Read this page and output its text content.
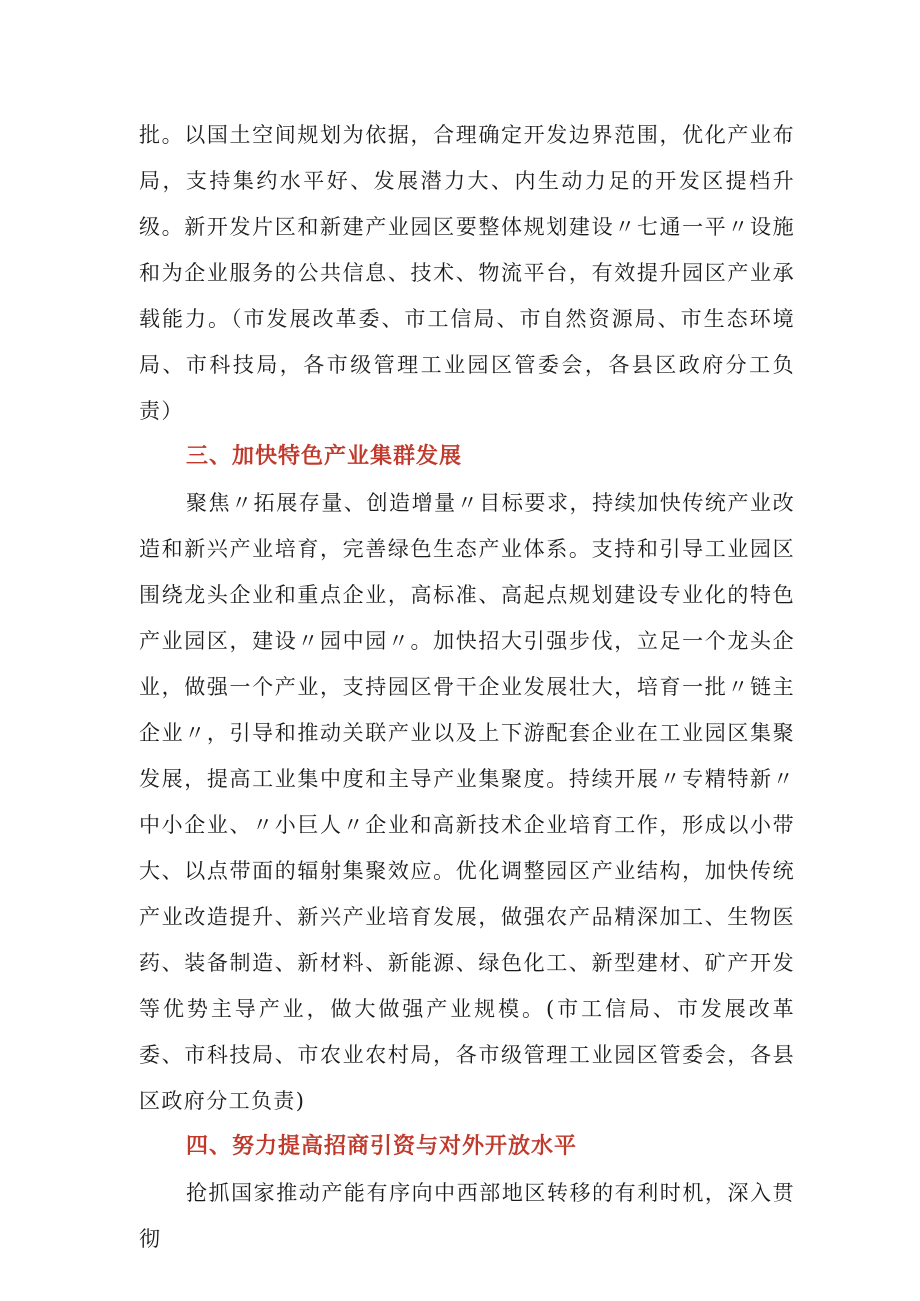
批。以国土空间规划为依据，合理确定开发边界范围，优化产业布局，支持集约水平好、发展潜力大、内生动力足的开发区提档升级。新开发片区和新建产业园区要整体规划建设〃七通一平〃设施和为企业服务的公共信息、技术、物流平台，有效提升园区产业承载能力。（市发展改革委、市工信局、市自然资源局、市生态环境局、市科技局，各市级管理工业园区管委会，各县区政府分工负责）

三、加快特色产业集群发展

聚焦〃拓展存量、创造增量〃目标要求，持续加快传统产业改造和新兴产业培育，完善绿色生态产业体系。支持和引导工业园区围绕龙头企业和重点企业，高标准、高起点规划建设专业化的特色产业园区，建设〃园中园〃。加快招大引强步伐，立足一个龙头企业，做强一个产业，支持园区骨干企业发展壮大，培育一批〃链主企业〃，引导和推动关联产业以及上下游配套企业在工业园区集聚发展，提高工业集中度和主导产业集聚度。持续开展〃专精特新〃中小企业、〃小巨人〃企业和高新技术企业培育工作，形成以小带大、以点带面的辐射集聚效应。优化调整园区产业结构，加快传统产业改造提升、新兴产业培育发展，做强农产品精深加工、生物医药、装备制造、新材料、新能源、绿色化工、新型建材、矿产开发等优势主导产业，做大做强产业规模。(市工信局、市发展改革委、市科技局、市农业农村局，各市级管理工业园区管委会，各县区政府分工负责)

四、努力提高招商引资与对外开放水平

抢抓国家推动产能有序向中西部地区转移的有利时机，深入贯彻
